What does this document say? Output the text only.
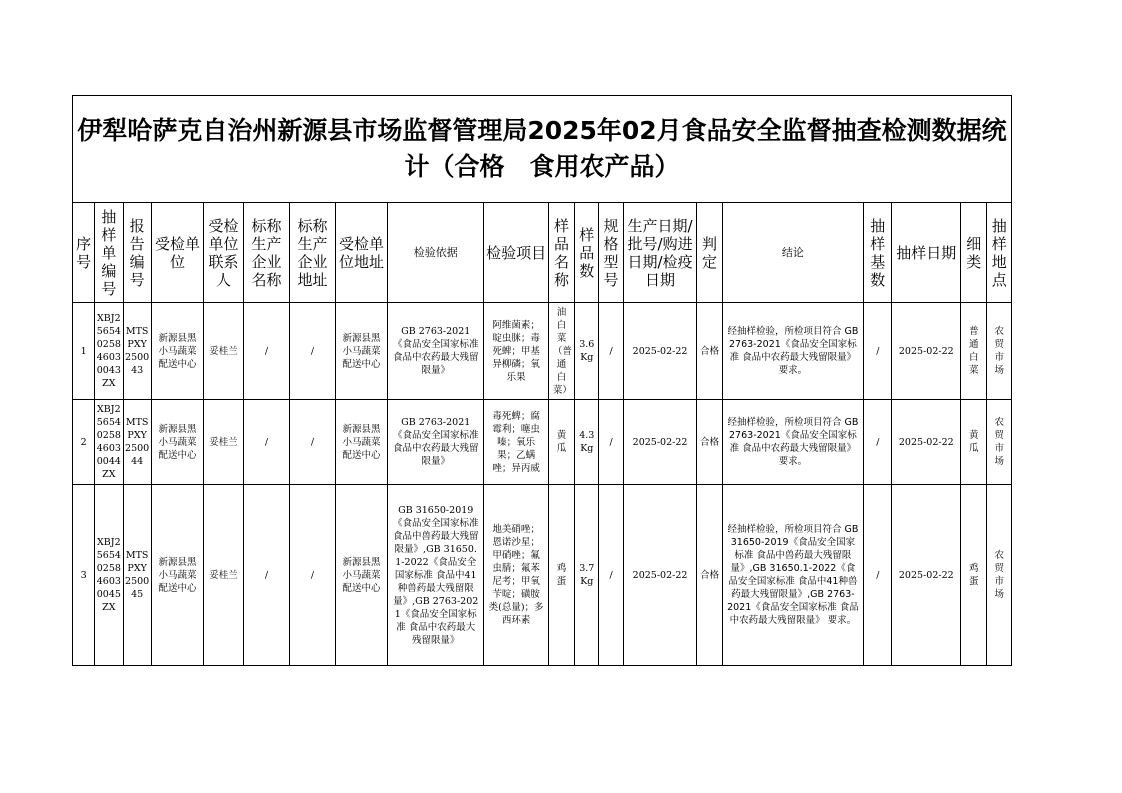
伊犁哈萨克自治州新源县市场监督管理局2025年02月食品安全监督抽查检测数据统计（合格　食用农产品）																			
序号	抽样单编号	报告编号	受检单位	受检单位联系人	标称生产企业名称	标称生产企业地址	受检单位地址	检验依据	检验项目	样品名称	样品数	规格型号	生产日期/批号/购进日期/检疫日期	判定	结论	抽样基数	抽样日期	细类	抽样地点
1	XBJ25654025846030043ZX	MTSPXY250043	新源县黑小马蔬菜配送中心	妥桂兰	/	/	新源县黑小马蔬菜配送中心	GB 2763-2021《食品安全国家标准 食品中农药最大残留限量》	阿维菌素；啶虫脒；毒死蜱；甲基异柳磷；氧乐果	油白菜（普通白菜）	3.6Kg	/	2025-02-22	合格	经抽样检验，所检项目符合 GB 2763-2021《食品安全国家标准 食品中农药最大残留限量》 要求。	/	2025-02-22	普通白菜	农贸市场
2	XBJ25654025846030044ZX	MTSPXY250044	新源县黑小马蔬菜配送中心	妥桂兰	/	/	新源县黑小马蔬菜配送中心	GB 2763-2021《食品安全国家标准 食品中农药最大残留限量》	毒死蜱；腐霉利；噻虫嗪；氧乐果；乙螨唑；异丙威	黄瓜	4.3Kg	/	2025-02-22	合格	经抽样检验，所检项目符合 GB 2763-2021《食品安全国家标准 食品中农药最大残留限量》 要求。	/	2025-02-22	黄瓜	农贸市场
3	XBJ25654025846030045ZX	MTSPXY250045	新源县黑小马蔬菜配送中心	妥桂兰	/	/	新源县黑小马蔬菜配送中心	GB 31650-2019《食品安全国家标准 食品中兽药最大残留限量》,GB 31650.1-2022《食品安全国家标准 食品中41种兽药最大残留限量》,GB 2763-2021《食品安全国家标准 食品中农药最大残留限量》	地美硝唑；恩诺沙星；甲硝唑；氟虫腈；氟苯尼考；甲氧苄啶；磺胺类(总量)；多西环素	鸡蛋	3.7Kg	/	2025-02-22	合格	经抽样检验，所检项目符合 GB 31650-2019《食品安全国家标准 食品中兽药最大残留限量》,GB 31650.1-2022《食品安全国家标准 食品中41种兽药最大残留限量》,GB 2763-2021《食品安全国家标准 食品中农药最大残留限量》 要求。	/	2025-02-22	鸡蛋	农贸市场
